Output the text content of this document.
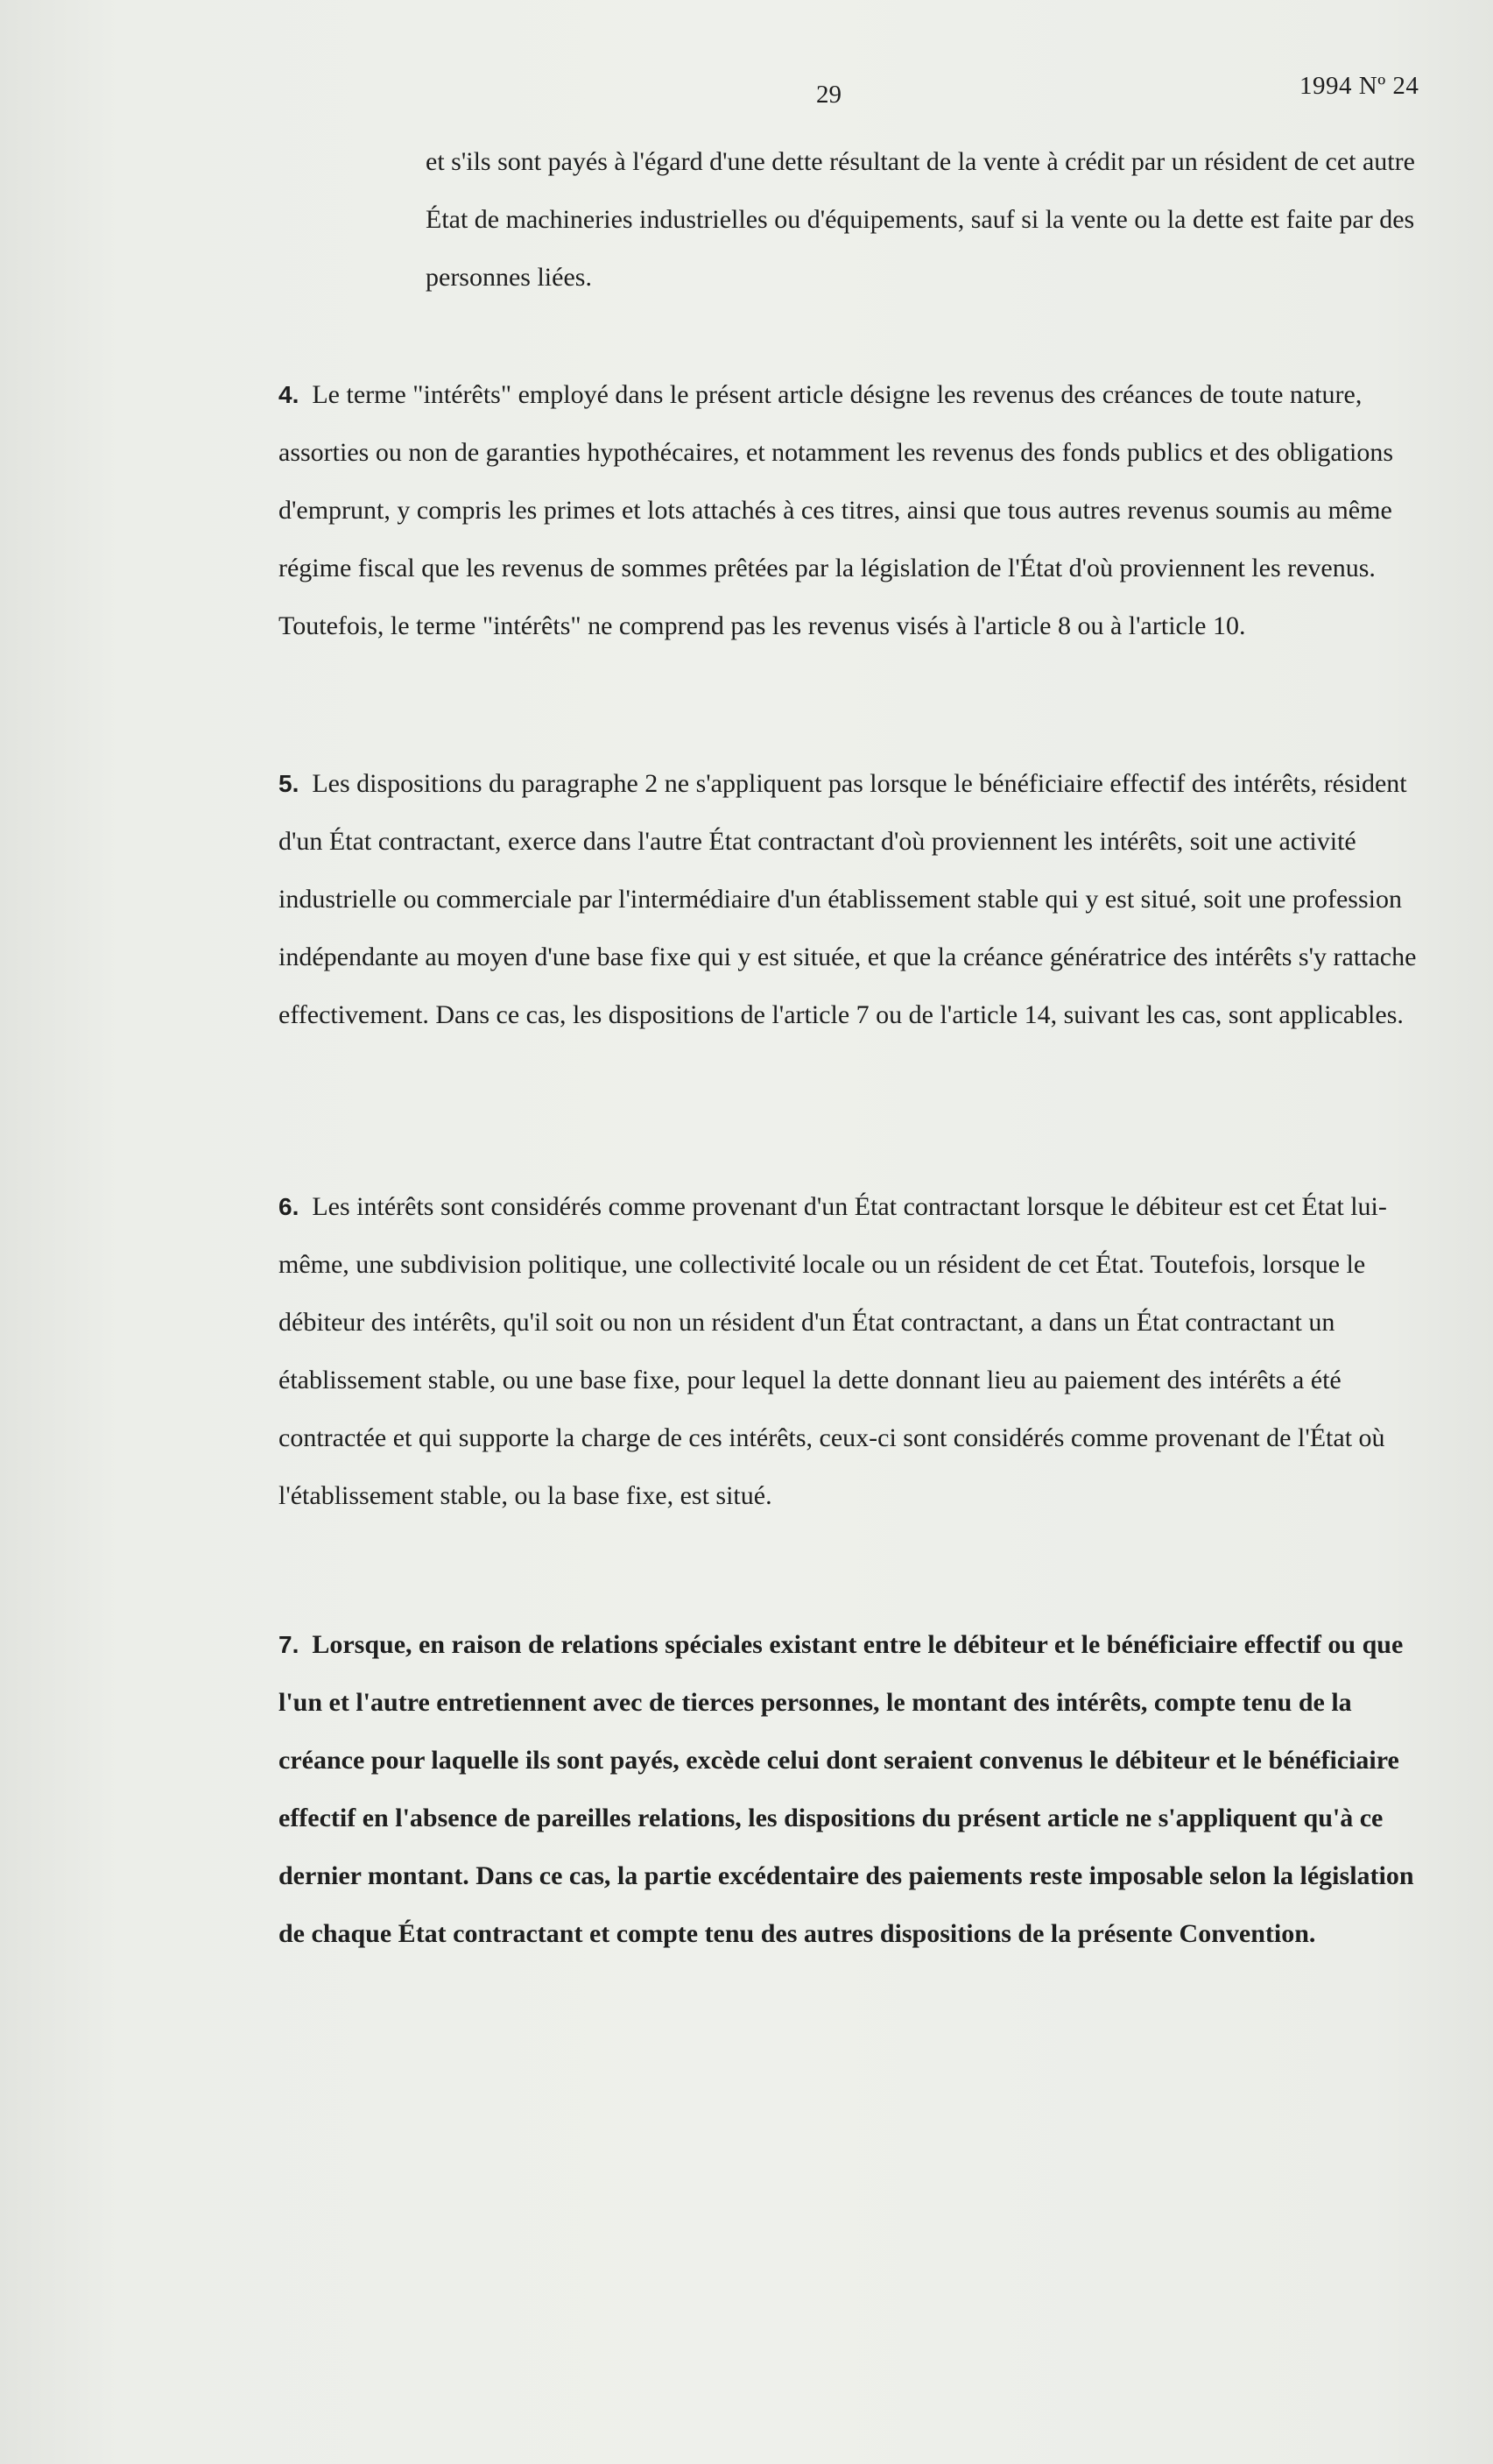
29	1994 Nº 24
et s'ils sont payés à l'égard d'une dette résultant de la vente à crédit par un résident de cet autre État de machineries industrielles ou d'équipements, sauf si la vente ou la dette est faite par des personnes liées.
4. Le terme "intérêts" employé dans le présent article désigne les revenus des créances de toute nature, assorties ou non de garanties hypothécaires, et notamment les revenus des fonds publics et des obligations d'emprunt, y compris les primes et lots attachés à ces titres, ainsi que tous autres revenus soumis au même régime fiscal que les revenus de sommes prêtées par la législation de l'État d'où proviennent les revenus. Toutefois, le terme "intérêts" ne comprend pas les revenus visés à l'article 8 ou à l'article 10.
5. Les dispositions du paragraphe 2 ne s'appliquent pas lorsque le bénéficiaire effectif des intérêts, résident d'un État contractant, exerce dans l'autre État contractant d'où proviennent les intérêts, soit une activité industrielle ou commerciale par l'intermédiaire d'un établissement stable qui y est situé, soit une profession indépendante au moyen d'une base fixe qui y est située, et que la créance génératrice des intérêts s'y rattache effectivement. Dans ce cas, les dispositions de l'article 7 ou de l'article 14, suivant les cas, sont applicables.
6. Les intérêts sont considérés comme provenant d'un État contractant lorsque le débiteur est cet État lui-même, une subdivision politique, une collectivité locale ou un résident de cet État. Toutefois, lorsque le débiteur des intérêts, qu'il soit ou non un résident d'un État contractant, a dans un État contractant un établissement stable, ou une base fixe, pour lequel la dette donnant lieu au paiement des intérêts a été contractée et qui supporte la charge de ces intérêts, ceux-ci sont considérés comme provenant de l'État où l'établissement stable, ou la base fixe, est situé.
7. Lorsque, en raison de relations spéciales existant entre le débiteur et le bénéficiaire effectif ou que l'un et l'autre entretiennent avec de tierces personnes, le montant des intérêts, compte tenu de la créance pour laquelle ils sont payés, excède celui dont seraient convenus le débiteur et le bénéficiaire effectif en l'absence de pareilles relations, les dispositions du présent article ne s'appliquent qu'à ce dernier montant. Dans ce cas, la partie excédentaire des paiements reste imposable selon la législation de chaque État contractant et compte tenu des autres dispositions de la présente Convention.
